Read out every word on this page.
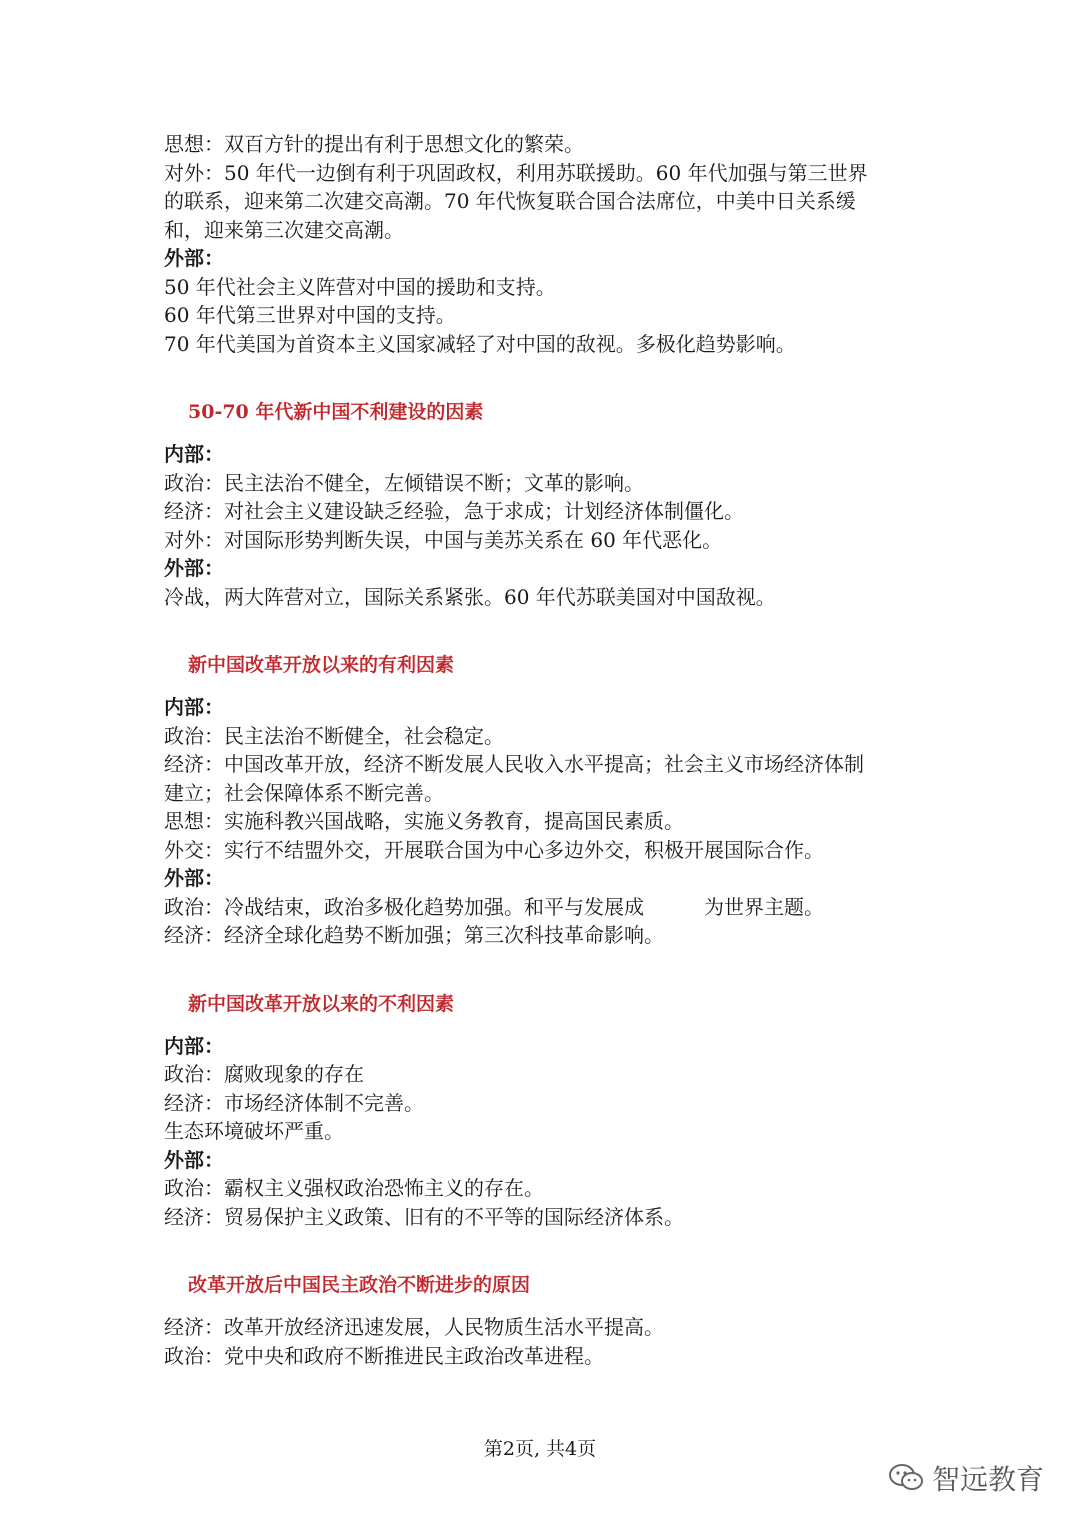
思想：双百方针的提出有利于思想文化的繁荣。
对外：50 年代一边倒有利于巩固政权，利用苏联援助。60 年代加强与第三世界
的联系，迎来第二次建交高潮。70 年代恢复联合国合法席位，中美中日关系缓
和，迎来第三次建交高潮。
外部：
50 年代社会主义阵营对中国的援助和支持。
60 年代第三世界对中国的支持。
70 年代美国为首资本主义国家减轻了对中国的敌视。多极化趋势影响。
50-70 年代新中国不利建设的因素
内部：
政治：民主法治不健全，左倾错误不断；文革的影响。
经济：对社会主义建设缺乏经验，急于求成；计划经济体制僵化。
对外：对国际形势判断失误，中国与美苏关系在 60 年代恶化。
外部：
冷战，两大阵营对立，国际关系紧张。60 年代苏联美国对中国敌视。
新中国改革开放以来的有利因素
内部：
政治：民主法治不断健全，社会稳定。
经济：中国改革开放，经济不断发展人民收入水平提高；社会主义市场经济体制
建立；社会保障体系不断完善。
思想：实施科教兴国战略，实施义务教育，提高国民素质。
外交：实行不结盟外交，开展联合国为中心多边外交，积极开展国际合作。
外部：
政治：冷战结束，政治多极化趋势加强。和平与发展成　　　为世界主题。
经济：经济全球化趋势不断加强；第三次科技革命影响。
新中国改革开放以来的不利因素
内部：
政治：腐败现象的存在
经济：市场经济体制不完善。
生态环境破坏严重。
外部：
政治：霸权主义强权政治恐怖主义的存在。
经济：贸易保护主义政策、旧有的不平等的国际经济体系。
改革开放后中国民主政治不断进步的原因
经济：改革开放经济迅速发展，人民物质生活水平提高。
政治：党中央和政府不断推进民主政治改革进程。
第2页, 共4页
智远教育
